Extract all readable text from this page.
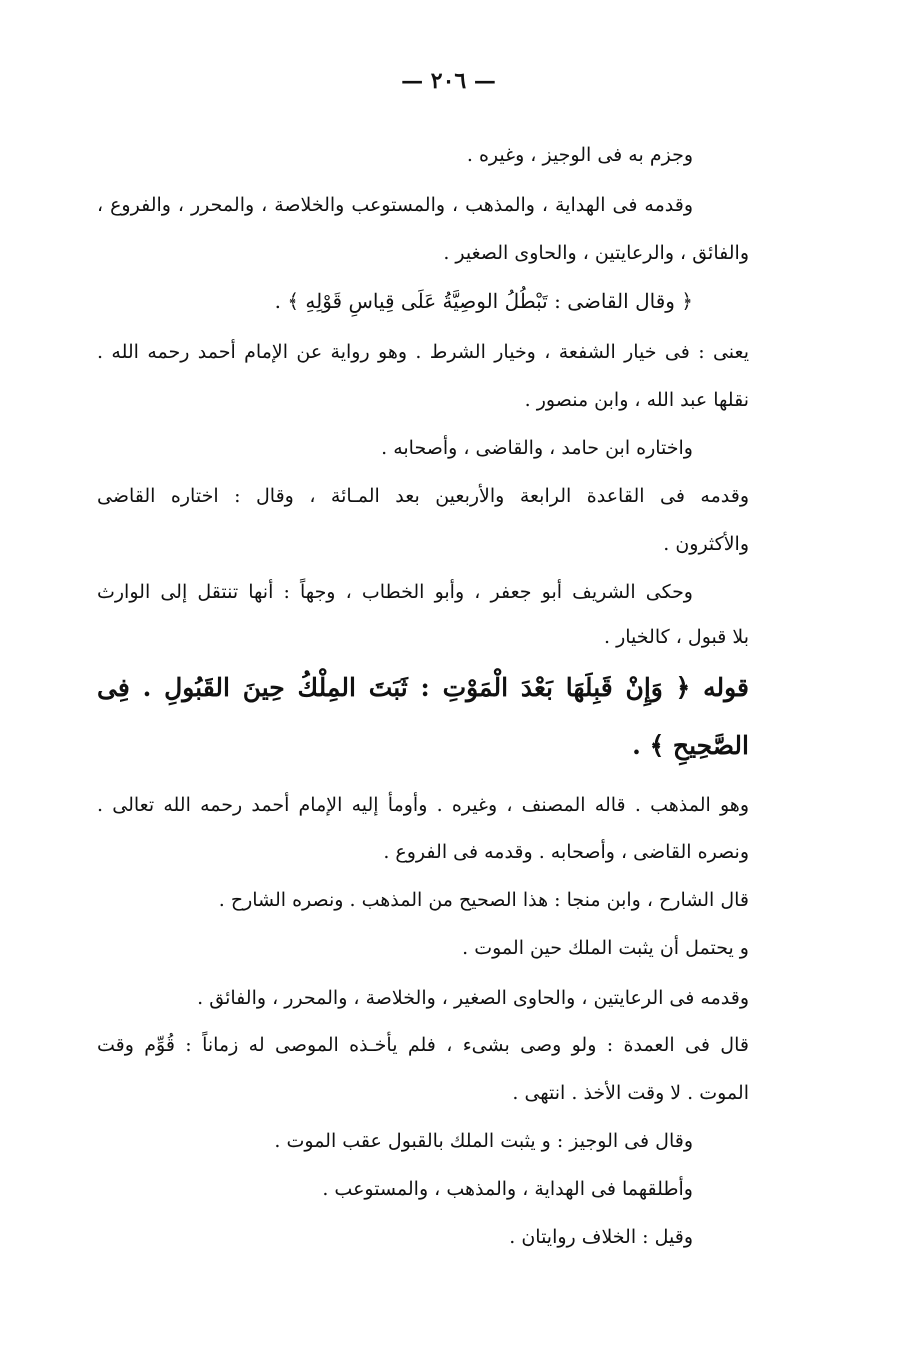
— ٢٠٦ —
وجزم به فى الوجيز ، وغيره .
وقدمه فى الهداية ، والمذهب ، والمستوعب والخلاصة ، والمحرر ، والفروع ،
والفائق ، والرعايتين ، والحاوى الصغير .
﴿ وقال القاضى : تَبْطُلُ الوصِيَّةُ عَلَى قِياسِ قَوْلِهِ ﴾ .
يعنى : فى خيار الشفعة ، وخيار الشرط . وهو رواية عن الإمام أحمد رحمه الله .
نقلها عبد الله ، وابن منصور .
واختاره ابن حامد ، والقاضى ، وأصحابه .
وقدمه فى القاعدة الرابعة والأربعين بعد المـائة ، وقال : اختاره القاضى
والأكثرون .
وحكى الشريف أبو جعفر ، وأبو الخطاب ، وجهاً : أنها تنتقل إلى الوارث
بلا قبول ، كالخيار .
قوله ﴿ وَإِنْ قَبِلَهَا بَعْدَ الْمَوْتِ : ثَبَتَ المِلْكُ حِينَ القَبُولِ . فِى
الصَّحِيحِ ﴾ .
وهو المذهب . قاله المصنف ، وغيره . وأومأ إليه الإمام أحمد رحمه الله تعالى .
ونصره القاضى ، وأصحابه . وقدمه فى الفروع .
قال الشارح ، وابن منجا : هذا الصحيح من المذهب . ونصره الشارح .
و يحتمل أن يثبت الملك حين الموت .
وقدمه فى الرعايتين ، والحاوى الصغير ، والخلاصة ، والمحرر ، والفائق .
قال فى العمدة : ولو وصى بشىء ، فلم يأخـذه الموصى له زماناً : قُوِّم وقت
الموت . لا وقت الأخذ . انتهى .
وقال فى الوجيز : و يثبت الملك بالقبول عقب الموت .
وأطلقهما فى الهداية ، والمذهب ، والمستوعب .
وقيل : الخلاف روايتان .
